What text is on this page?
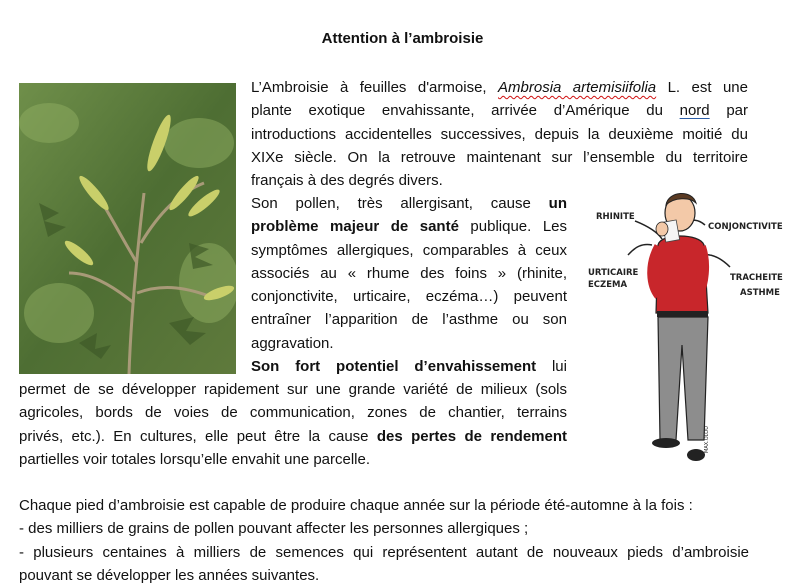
Attention à l’ambroisie
RHINITE
CONJONCTIVITE
URTICAIRE
ECZEMA
TRACHEITE
ASTHME
MAX.OLOU
L’Ambroisie à feuilles d'armoise, Ambrosia artemisiifolia L. est une
plante exotique envahissante, arrivée d’Amérique du nord par
introductions accidentelles successives, depuis la deuxième moitié du
XIXe siècle. On la retrouve maintenant sur l’ensemble du territoire
français à des degrés divers.
Son pollen, très allergisant, cause un
problème majeur de santé publique. Les
symptômes allergiques, comparables à ceux
associés au « rhume des foins » (rhinite,
conjonctivite, urticaire, eczéma…) peuvent
entraîner l’apparition de l’asthme ou son
aggravation.
Son fort potentiel d’envahissement lui
permet de se développer rapidement sur une grande variété de milieux (sols
agricoles, bords de voies de communication, zones de chantier, terrains
privés, etc.). En cultures, elle peut être la cause des pertes de rendement
partielles voir totales lorsqu’elle envahit une parcelle.
Chaque pied d’ambroisie est capable de produire chaque année sur la période été-automne à la fois :
- des milliers de grains de pollen pouvant affecter les personnes allergiques ;
- plusieurs centaines à milliers de semences qui représentent autant de nouveaux pieds d’ambroisie
pouvant se développer les années suivantes.
